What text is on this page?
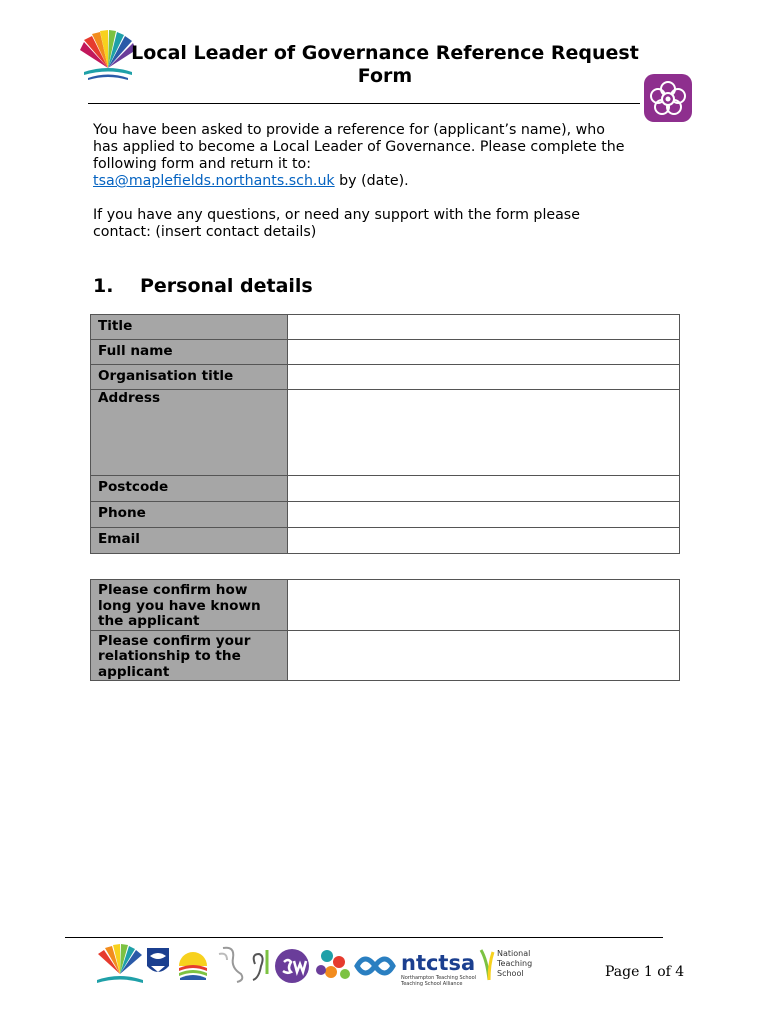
Local Leader of Governance Reference Request
Form

You have been asked to provide a reference for (applicant’s name), who

has applied to become a Local Leader of Governance. Please complete the

following form and return it to:

tsa@maplefields.northants.sch.uk by (date).

If you have any questions, or need any support with the form please

contact: (insert contact details)

1. Personal details
Title	
Full name	
Organisation title	
Address	
Postcode	
Phone	
Email	
Please confirm how
long you have known
the applicant	

Please confirm your
relationship to the
applicant	

ntctsa
Northampton Teaching School
Teaching School Alliance
National
Teaching
School	Page 1 of 4
